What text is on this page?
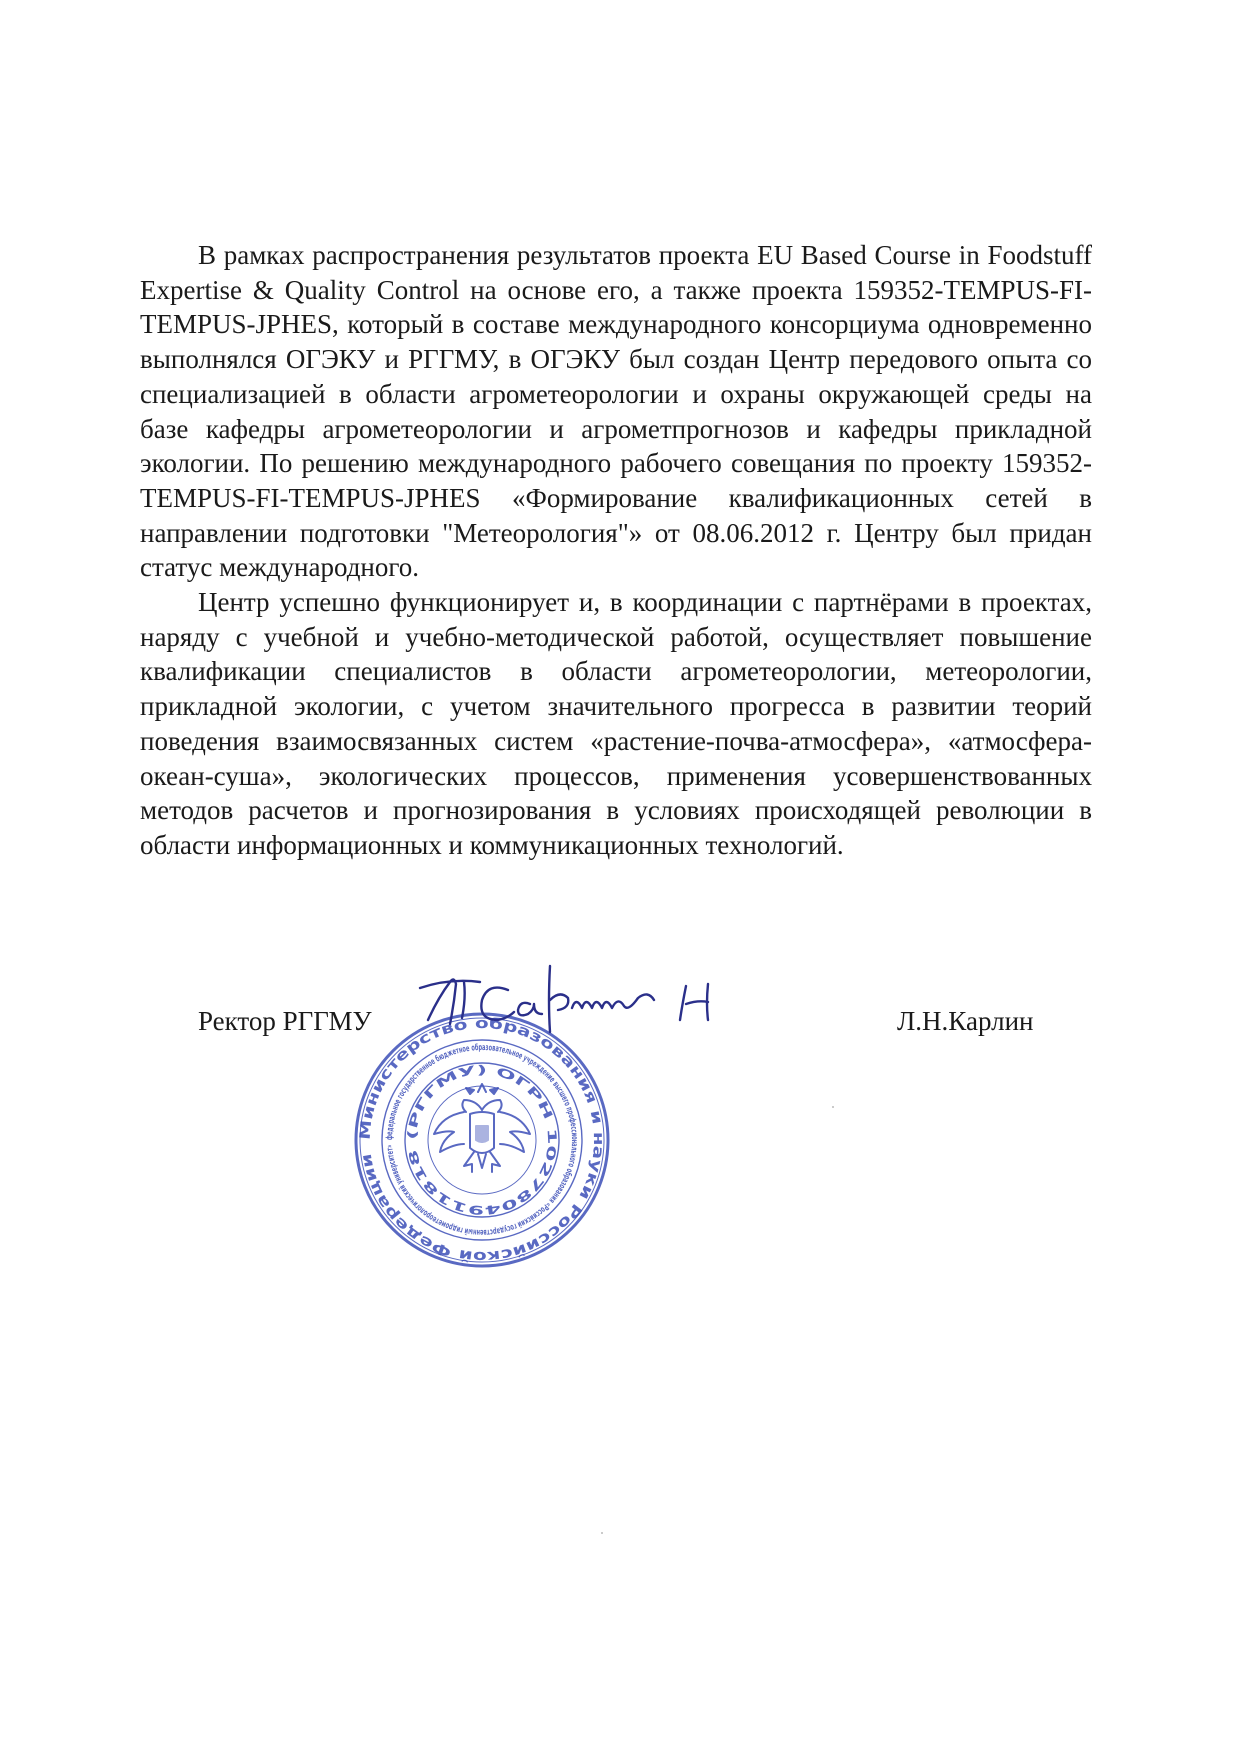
В рамках распространения результатов проекта EU Based Course in Foodstuff Expertise & Quality Control на основе его, а также проекта 159352-TEMPUS-FI-TEMPUS-JPHES, который в составе международного консорциума одновременно выполнялся ОГЭКУ и РГГМУ, в ОГЭКУ был создан Центр передового опыта со специализацией в области агрометеорологии и охраны окружающей среды на базе кафедры агрометеорологии и агрометпрогнозов и кафедры прикладной экологии. По решению международного рабочего совещания по проекту 159352-TEMPUS-FI-TEMPUS-JPHES «Формирование квалификационных сетей в направлении подготовки "Метеорология"» от 08.06.2012 г. Центру был придан статус международного.

Центр успешно функционирует и, в координации с партнёрами в проектах, наряду с учебной и учебно-методической работой, осуществляет повышение квалификации специалистов в области агрометеорологии, метеорологии, прикладной экологии, с учетом значительного прогресса в развитии теорий поведения взаимосвязанных систем «растение-почва-атмосфера», «атмосфера-океан-суша», экологических процессов, применения усовершенствованных методов расчетов и прогнозирования в условиях происходящей революции в области информационных и коммуникационных технологий.

Министерство образования и науки Российской Федерации
федеральное государственное бюджетное образовательное учреждение высшего профессионального образования «Российский государственный гидрометеорологический университет»
(РГГМУ) ОГРН 1027804911818
Ректор РГГМУ	Л.Н.Карлин
